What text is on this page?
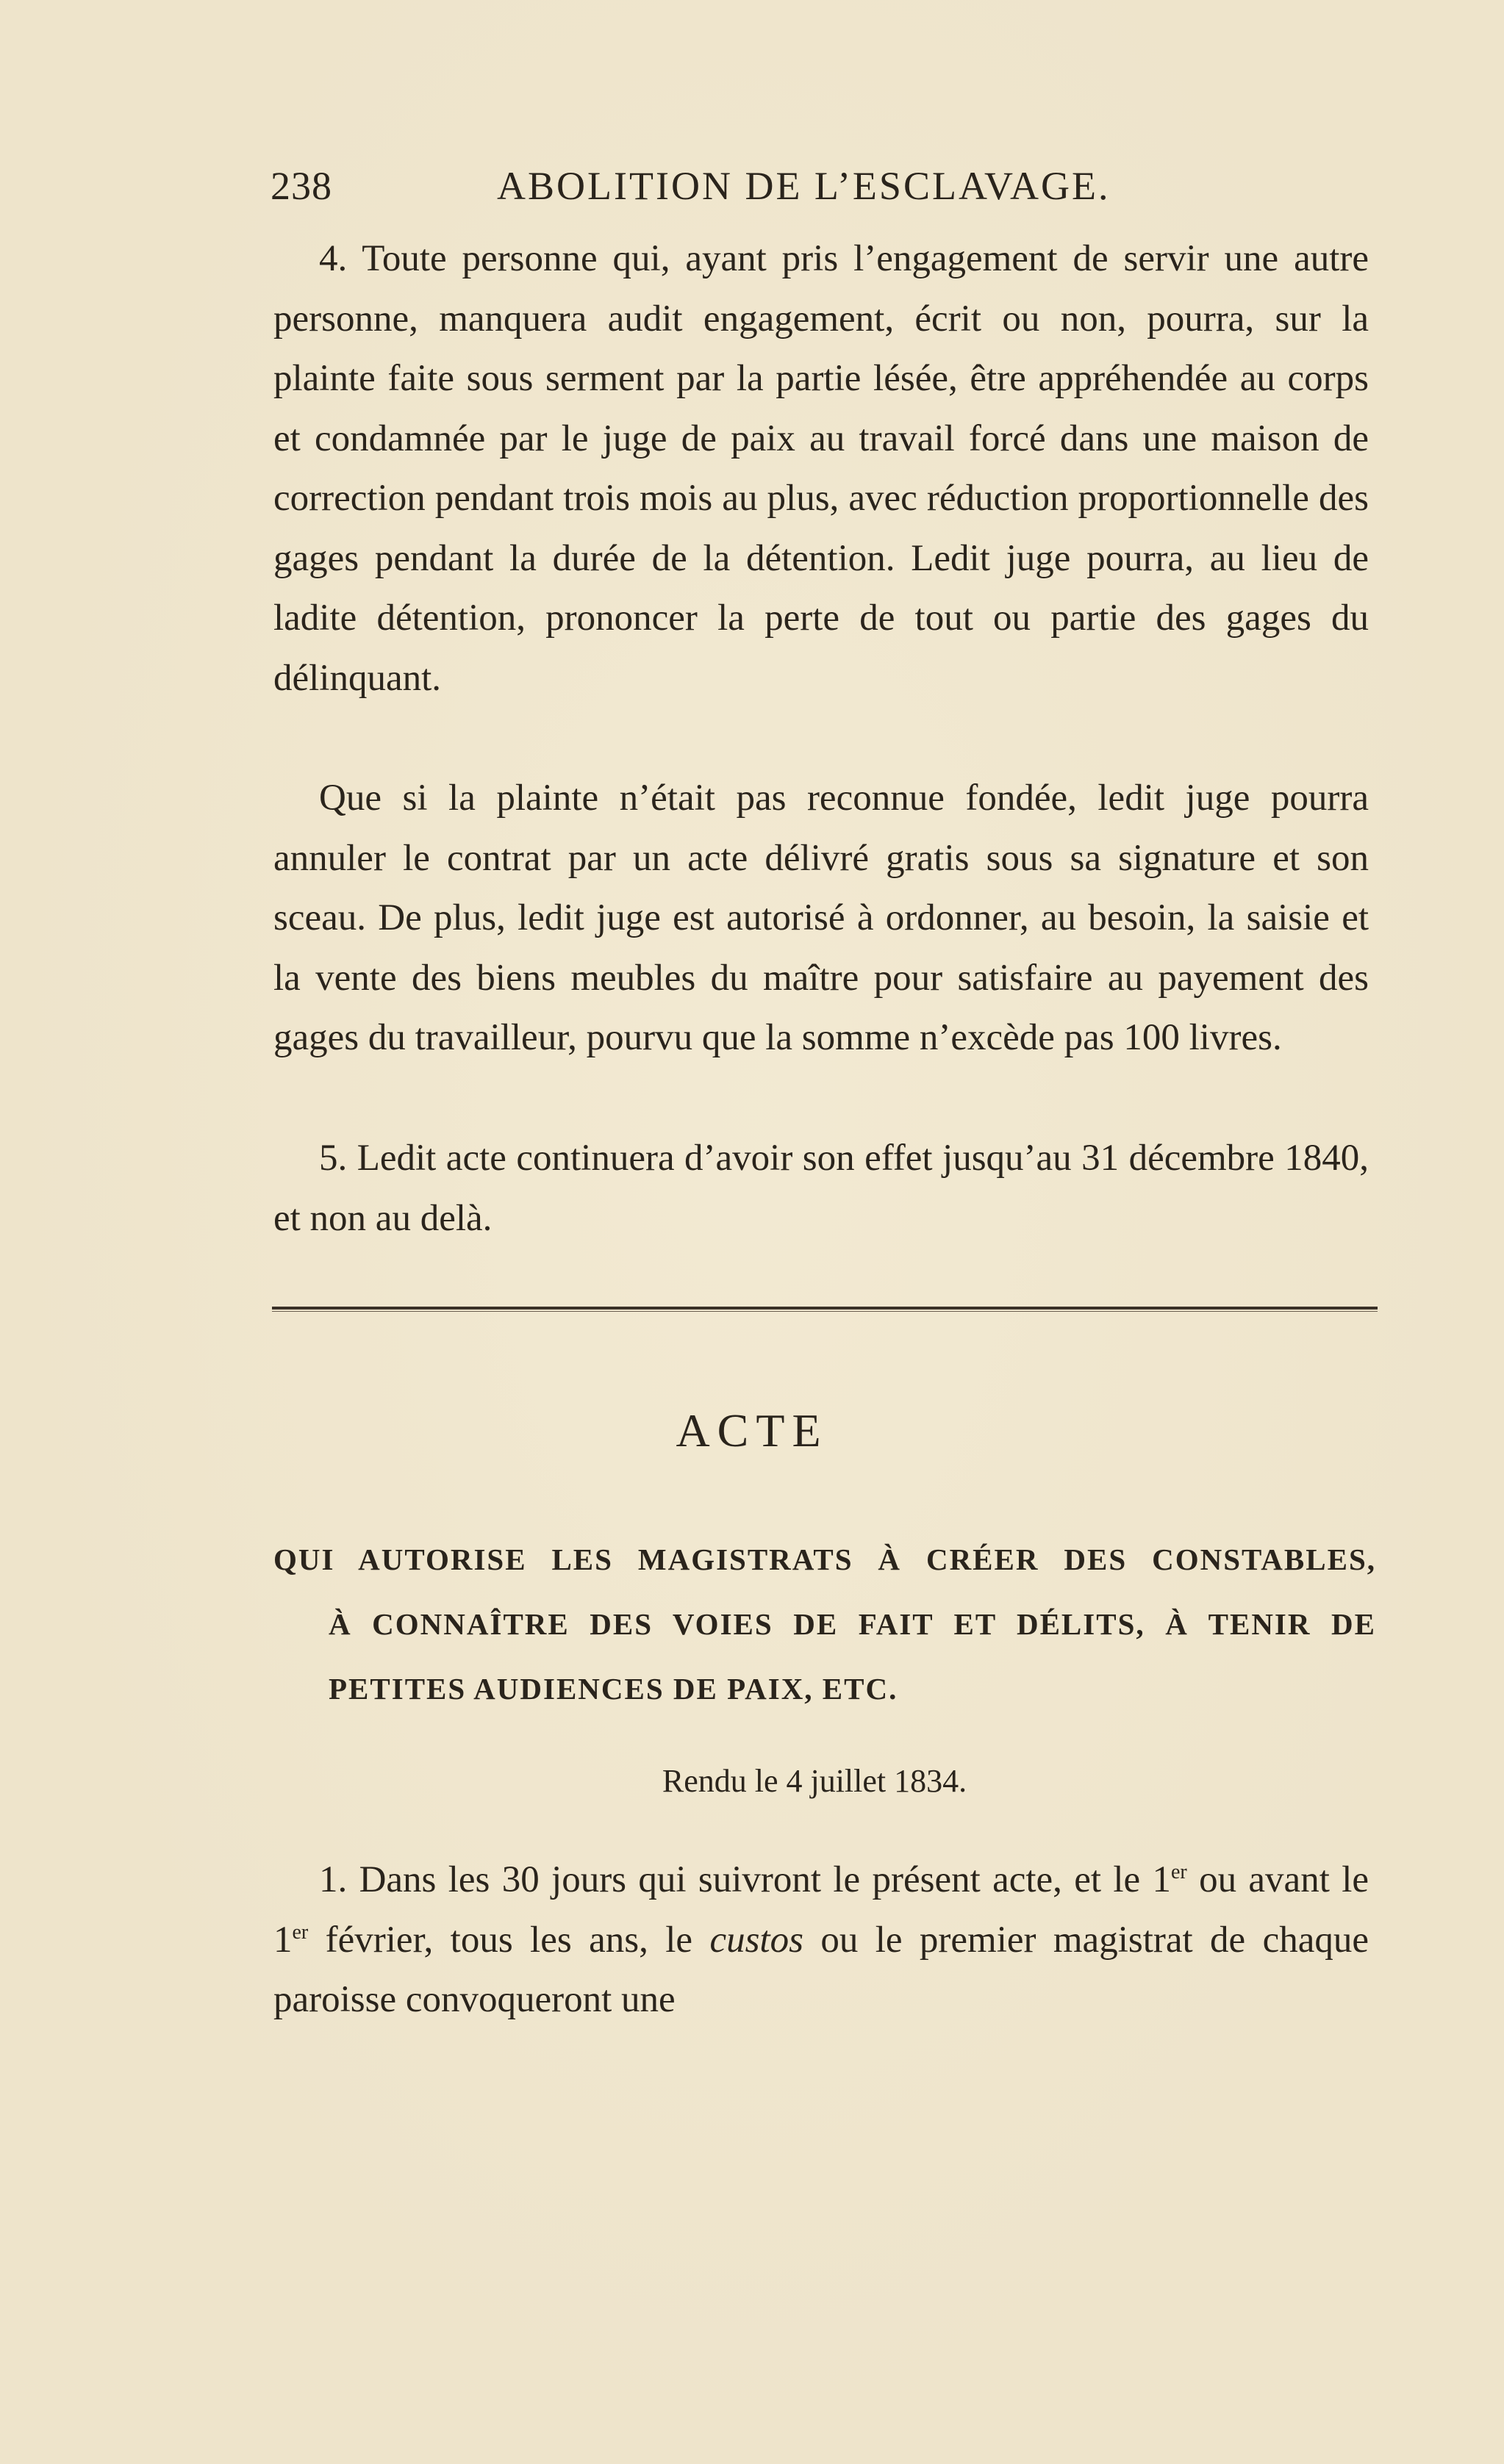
238	ABOLITION DE L’ESCLAVAGE.

4. Toute personne qui, ayant pris l’engagement de servir une autre personne, manquera audit engagement, écrit ou non, pourra, sur la plainte faite sous serment par la partie lésée, être appréhendée au corps et condamnée par le juge de paix au travail forcé dans une maison de correction pendant trois mois au plus, avec réduction proportionnelle des gages pendant la durée de la détention. Ledit juge pourra, au lieu de ladite détention, prononcer la perte de tout ou partie des gages du délinquant.

Que si la plainte n’était pas reconnue fondée, ledit juge pourra annuler le contrat par un acte délivré gratis sous sa signature et son sceau. De plus, ledit juge est autorisé à ordonner, au besoin, la saisie et la vente des biens meubles du maître pour satisfaire au payement des gages du travailleur, pourvu que la somme n’excède pas 100 livres.

5. Ledit acte continuera d’avoir son effet jusqu’au 31 décembre 1840, et non au delà.

ACTE
QUI AUTORISE LES MAGISTRATS À CRÉER DES CONSTABLES,
À CONNAÎTRE DES VOIES DE FAIT ET DÉLITS, À TENIR DE
PETITES AUDIENCES DE PAIX, ETC.
Rendu le 4 juillet 1834.

1. Dans les 30 jours qui suivront le présent acte, et le 1er ou avant le 1er février, tous les ans, le custos ou le premier magistrat de chaque paroisse convoqueront une
